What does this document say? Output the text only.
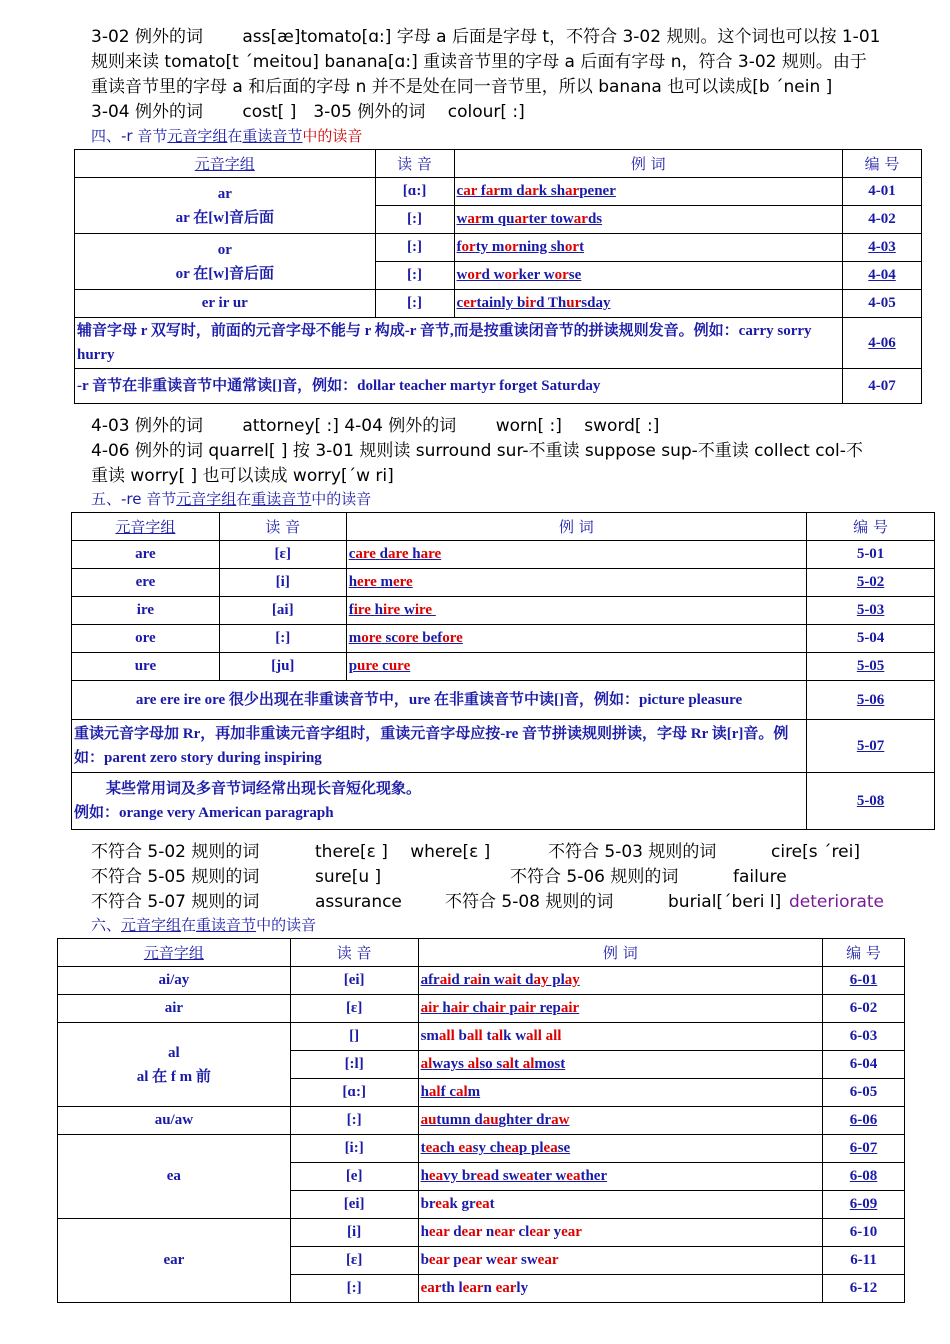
3-02 例外的词　　 ass[æ]tomato[ɑ:] 字母 a 后面是字母 t，不符合 3-02 规则。这个词也可以按 1-01
规则来读 tomato[t ˊmeitou] banana[ɑ:] 重读音节里的字母 a 后面有字母 n，符合 3-02 规则。由于
重读音节里的字母 a 和后面的字母 n 并不是处在同一音节里，所以 banana 也可以读成[b ˊnein ]
3-04 例外的词　　 cost[ ]　3-05 例外的词　 colour[ :]
四、-r 音节元音字组在重读音节中的读音
元音字组	读 音	例 词	编 号
ar
ar 在[w]音后面	[ɑ:]	car farm dark sharpener	4-01
	[:]	warm quarter towards	4-02
or
or 在[w]音后面	[:]	forty morning short	4-03
	[:]	word worker worse	4-04
er ir ur	[:]	certainly bird Thursday	4-05
辅音字母 r 双写时，前面的元音字母不能与 r 构成-r 音节,而是按重读闭音节的拼读规则发音。例如：carry sorry hurry			4-06
-r 音节在非重读音节中通常读[]音，例如：dollar teacher martyr forget Saturday			4-07
4-03 例外的词　　 attorney[ :] 4-04 例外的词　　 worn[ :]　 sword[ :]
4-06 例外的词 quarrel[ ] 按 3-01 规则读 surround sur-不重读 suppose sup-不重读 collect col-不
重读 worry[ ] 也可以读成 worry[ˊw ri]
五、-re 音节元音字组在重读音节中的读音
元音字组	读 音	例 词	编 号
are	[ɛ]	care dare hare	5-01
ere	[i]	here mere	5-02
ire	[ai]	fire hire wire	5-03
ore	[:]	more score before	5-04
ure	[ju]	pure cure	5-05
are ere ire ore 很少出现在非重读音节中，ure 在非重读音节中读[]音，例如：picture pleasure			5-06
重读元音字母加 Rr，再加非重读元音字组时，重读元音字母应按-re 音节拼读规则拼读，字母 Rr 读[r]音。例如：parent zero story during inspiring			5-07
某些常用词及多音节词经常出现长音短化现象。
例如：orange very American paragraph			5-08
不符合 5-02 规则的词	there[ɛ ]　 where[ɛ ]	不符合 5-03 规则的词	cire[s ˊrei]
不符合 5-05 规则的词	sure[u ]	不符合 5-06 规则的词	failure
不符合 5-07 规则的词	assurance	不符合 5-08 规则的词	burial[ˊberi l] deteriorate
六、元音字组在重读音节中的读音
元音字组	读 音	例 词	编 号
ai/ay	[ei]	afraid rain wait day play	6-01
air	[ɛ]	air hair chair pair repair	6-02
al
al 在 f m 前	[]	small ball talk wall all	6-03
	[:l]	always also salt almost	6-04
	[ɑ:]	half calm	6-05
au/aw	[:]	autumn daughter draw	6-06
ea	[i:]	teach easy cheap please	6-07
	[e]	heavy bread sweater weather	6-08
	[ei]	break great	6-09
ear	[i]	hear dear near clear year	6-10
	[ɛ]	bear pear wear swear	6-11
	[:]	earth learn early	6-12
